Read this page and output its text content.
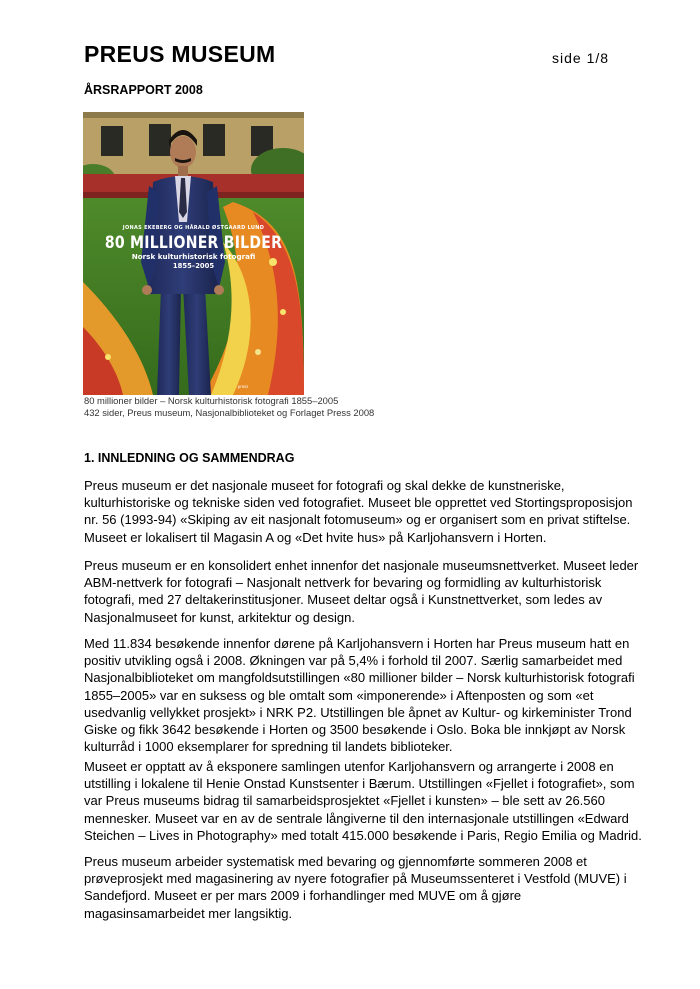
PREUS MUSEUM	side 1/8
ÅRSRAPPORT 2008
JONAS EKEBERG OG HÅRALD ØSTGAARD LUND
80 MILLIONER BILDER
Norsk kulturhistorisk fotografi
1855–2005
press
80 millioner bilder – Norsk kulturhistorisk fotografi 1855–2005
432 sider, Preus museum, Nasjonalbiblioteket og Forlaget Press 2008
1. INNLEDNING OG SAMMENDRAG

Preus museum er det nasjonale museet for fotografi og skal dekke de kunstneriske, kulturhistoriske og tekniske siden ved fotografiet. Museet ble opprettet ved Stortingsproposisjon nr. 56 (1993-94) «Skiping av eit nasjonalt fotomuseum» og er organisert som en privat stiftelse. Museet er lokalisert til Magasin A og «Det hvite hus» på Karljohansvern i Horten.

Preus museum er en konsolidert enhet innenfor det nasjonale museumsnettverket. Museet leder ABM-nettverk for fotografi – Nasjonalt nettverk for bevaring og formidling av kulturhistorisk fotografi, med 27 deltakerinstitusjoner. Museet deltar også i Kunstnettverket, som ledes av Nasjonalmuseet for kunst, arkitektur og design.

Med 11.834 besøkende innenfor dørene på Karljohansvern i Horten har Preus museum hatt en positiv utvikling også i 2008. Økningen var på 5,4% i forhold til 2007. Særlig samarbeidet med Nasjonalbiblioteket om mangfoldsutstillingen «80 millioner bilder – Norsk kulturhistorisk fotografi 1855–2005» var en suksess og ble omtalt som «imponerende» i Aftenposten og som «et usedvanlig vellykket prosjekt» i NRK P2. Utstillingen ble åpnet av Kultur- og kirkeminister Trond Giske og fikk 3642 besøkende i Horten og 3500 besøkende i Oslo. Boka ble innkjøpt av Norsk kulturråd i 1000 eksemplarer for spredning til landets biblioteker.

Museet er opptatt av å eksponere samlingen utenfor Karljohansvern og arrangerte i 2008 en utstilling i lokalene til Henie Onstad Kunstsenter i Bærum. Utstillingen «Fjellet i fotografiet», som var Preus museums bidrag til samarbeidsprosjektet «Fjellet i kunsten» – ble sett av 26.560 mennesker. Museet var en av de sentrale långiverne til den internasjonale utstillingen «Edward Steichen – Lives in Photography» med totalt 415.000 besøkende i Paris, Regio Emilia og Madrid.

Preus museum arbeider systematisk med bevaring og gjennomførte sommeren 2008 et prøveprosjekt med magasinering av nyere fotografier på Museumssenteret i Vestfold (MUVE) i Sandefjord. Museet er per mars 2009 i forhandlinger med MUVE om å gjøre magasinsamarbeidet mer langsiktig.
